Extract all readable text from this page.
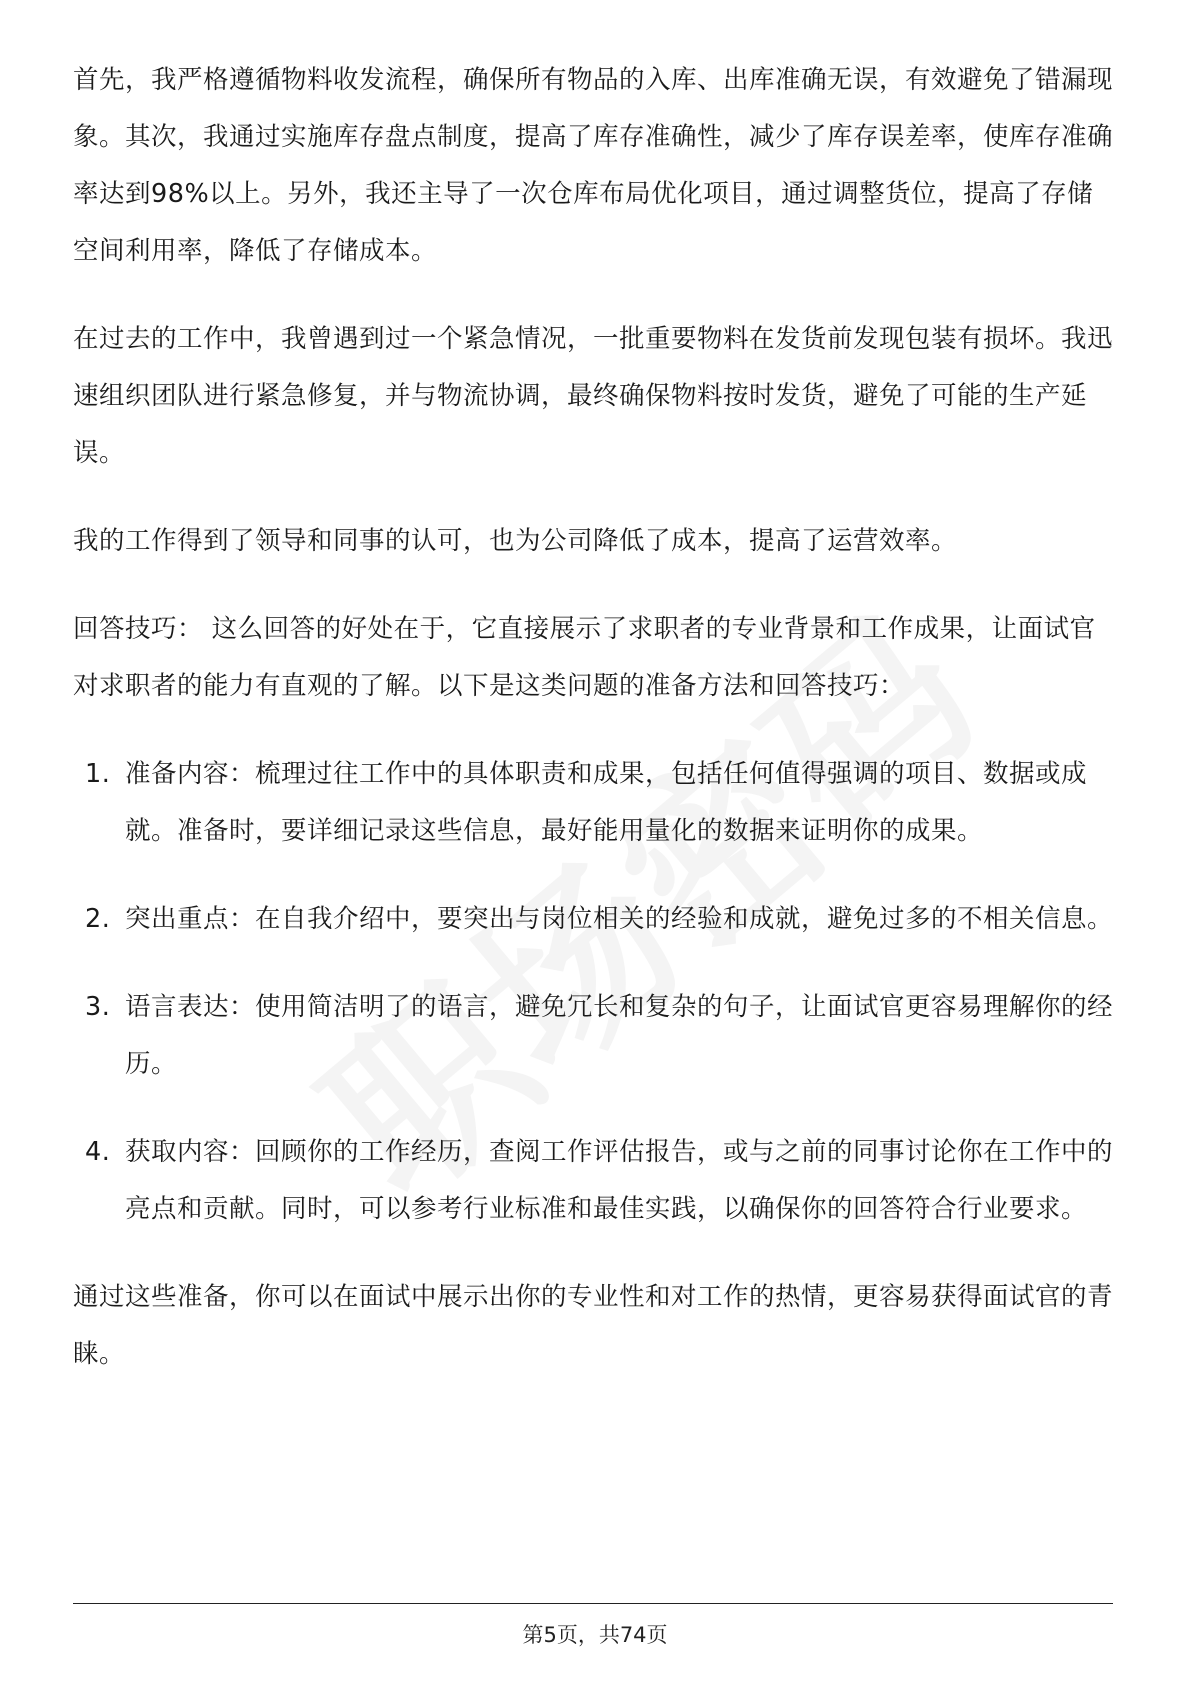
首先，我严格遵循物料收发流程，确保所有物品的入库、出库准确无误，有效避免了错漏现象。其次，我通过实施库存盘点制度，提高了库存准确性，减少了库存误差率，使库存准确率达到98%以上。另外，我还主导了一次仓库布局优化项目，通过调整货位，提高了存储空间利用率，降低了存储成本。

在过去的工作中，我曾遇到过一个紧急情况，一批重要物料在发货前发现包装有损坏。我迅速组织团队进行紧急修复，并与物流协调，最终确保物料按时发货，避免了可能的生产延误。

我的工作得到了领导和同事的认可，也为公司降低了成本，提高了运营效率。

回答技巧： 这么回答的好处在于，它直接展示了求职者的专业背景和工作成果，让面试官对求职者的能力有直观的了解。以下是这类问题的准备方法和回答技巧：

1. 准备内容：梳理过往工作中的具体职责和成果，包括任何值得强调的项目、数据或成就。准备时，要详细记录这些信息，最好能用量化的数据来证明你的成果。
2. 突出重点：在自我介绍中，要突出与岗位相关的经验和成就，避免过多的不相关信息。
3. 语言表达：使用简洁明了的语言，避免冗长和复杂的句子，让面试官更容易理解你的经历。
4. 获取内容：回顾你的工作经历，查阅工作评估报告，或与之前的同事讨论你在工作中的亮点和贡献。同时，可以参考行业标准和最佳实践，以确保你的回答符合行业要求。

通过这些准备，你可以在面试中展示出你的专业性和对工作的热情，更容易获得面试官的青睐。

第5页，共74页
